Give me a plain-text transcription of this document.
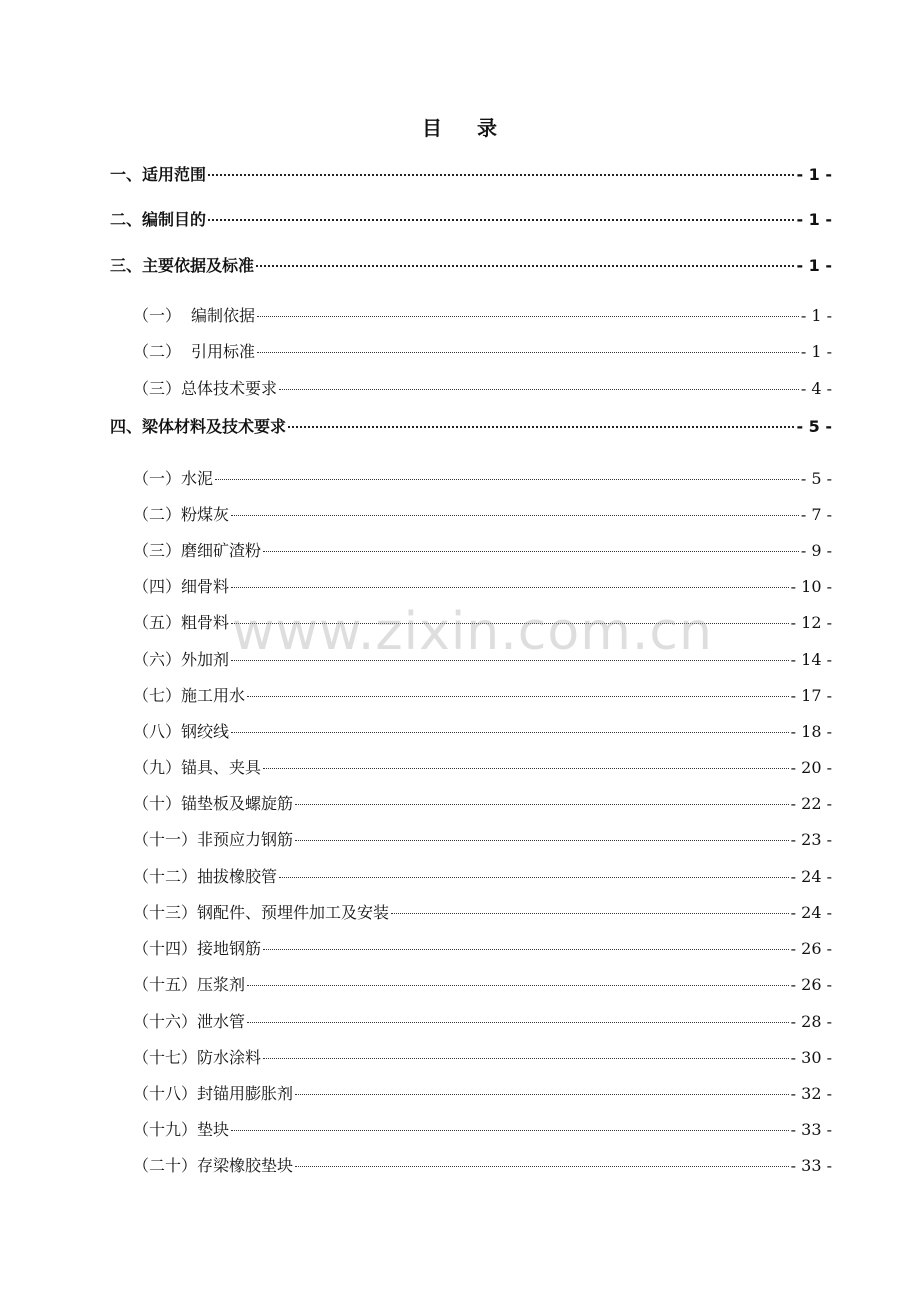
目 录
一、适用范围	- 1 -
二、编制目的	- 1 -
三、主要依据及标准	- 1 -
（一） 编制依据	- 1 -
（二） 引用标准	- 1 -
（三）总体技术要求	- 4 -
四、梁体材料及技术要求	- 5 -
（一）水泥	- 5 -
（二）粉煤灰	- 7 -
（三）磨细矿渣粉	- 9 -
（四）细骨料	- 10 -
（五）粗骨料	- 12 -
（六）外加剂	- 14 -
（七）施工用水	- 17 -
（八）钢绞线	- 18 -
（九）锚具、夹具	- 20 -
（十）锚垫板及螺旋筋	- 22 -
（十一）非预应力钢筋	- 23 -
（十二）抽拔橡胶管	- 24 -
（十三）钢配件、预埋件加工及安装	- 24 -
（十四）接地钢筋	- 26 -
（十五）压浆剂	- 26 -
（十六）泄水管	- 28 -
（十七）防水涂料	- 30 -
（十八）封锚用膨胀剂	- 32 -
（十九）垫块	- 33 -
（二十）存梁橡胶垫块	- 33 -
www.zixin.com.cn
